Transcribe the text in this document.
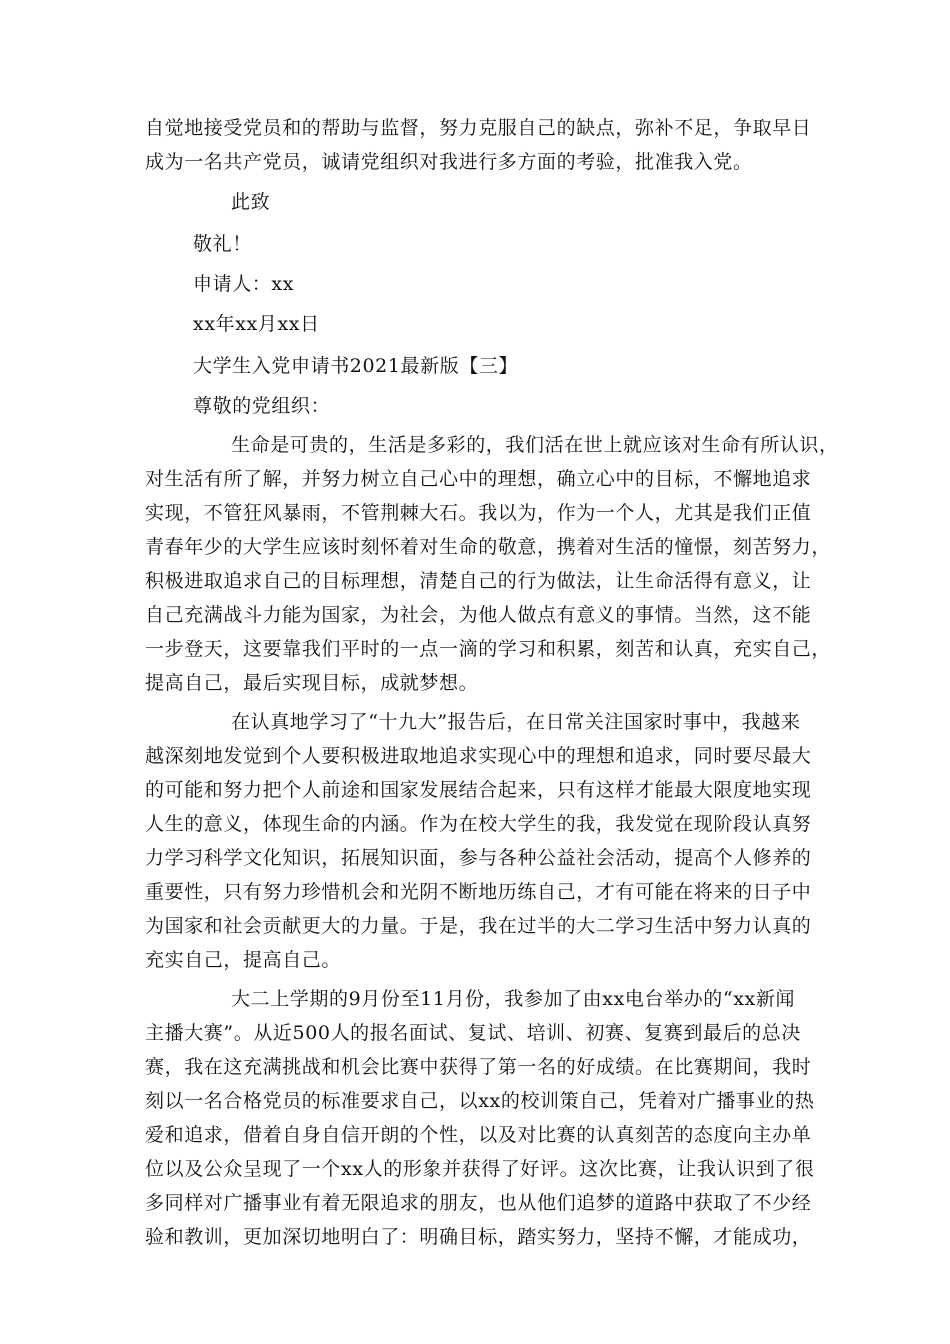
自觉地接受党员和的帮助与监督，努力克服自己的缺点，弥补不足，争取早日
成为一名共产党员，诚请党组织对我进行多方面的考验，批准我入党。
此致
敬礼！
申请人：xx
xx年xx月xx日
大学生入党申请书2021最新版【三】
尊敬的党组织：
生命是可贵的，生活是多彩的，我们活在世上就应该对生命有所认识，
对生活有所了解，并努力树立自己心中的理想，确立心中的目标，不懈地追求
实现，不管狂风暴雨，不管荆棘大石。我以为，作为一个人，尤其是我们正值
青春年少的大学生应该时刻怀着对生命的敬意，携着对生活的憧憬，刻苦努力，
积极进取追求自己的目标理想，清楚自己的行为做法，让生命活得有意义，让
自己充满战斗力能为国家，为社会，为他人做点有意义的事情。当然，这不能
一步登天，这要靠我们平时的一点一滴的学习和积累，刻苦和认真，充实自己，
提高自己，最后实现目标，成就梦想。
在认真地学习了“十九大”报告后，在日常关注国家时事中，我越来
越深刻地发觉到个人要积极进取地追求实现心中的理想和追求，同时要尽最大
的可能和努力把个人前途和国家发展结合起来，只有这样才能最大限度地实现
人生的意义，体现生命的内涵。作为在校大学生的我，我发觉在现阶段认真努
力学习科学文化知识，拓展知识面，参与各种公益社会活动，提高个人修养的
重要性，只有努力珍惜机会和光阴不断地历练自己，才有可能在将来的日子中
为国家和社会贡献更大的力量。于是，我在过半的大二学习生活中努力认真的
充实自己，提高自己。
大二上学期的9月份至11月份，我参加了由xx电台举办的“xx新闻
主播大赛”。从近500人的报名面试、复试、培训、初赛、复赛到最后的总决
赛，我在这充满挑战和机会比赛中获得了第一名的好成绩。在比赛期间，我时
刻以一名合格党员的标准要求自己，以xx的校训策自己，凭着对广播事业的热
爱和追求，借着自身自信开朗的个性，以及对比赛的认真刻苦的态度向主办单
位以及公众呈现了一个xx人的形象并获得了好评。这次比赛，让我认识到了很
多同样对广播事业有着无限追求的朋友，也从他们追梦的道路中获取了不少经
验和教训，更加深切地明白了：明确目标，踏实努力，坚持不懈，才能成功，
